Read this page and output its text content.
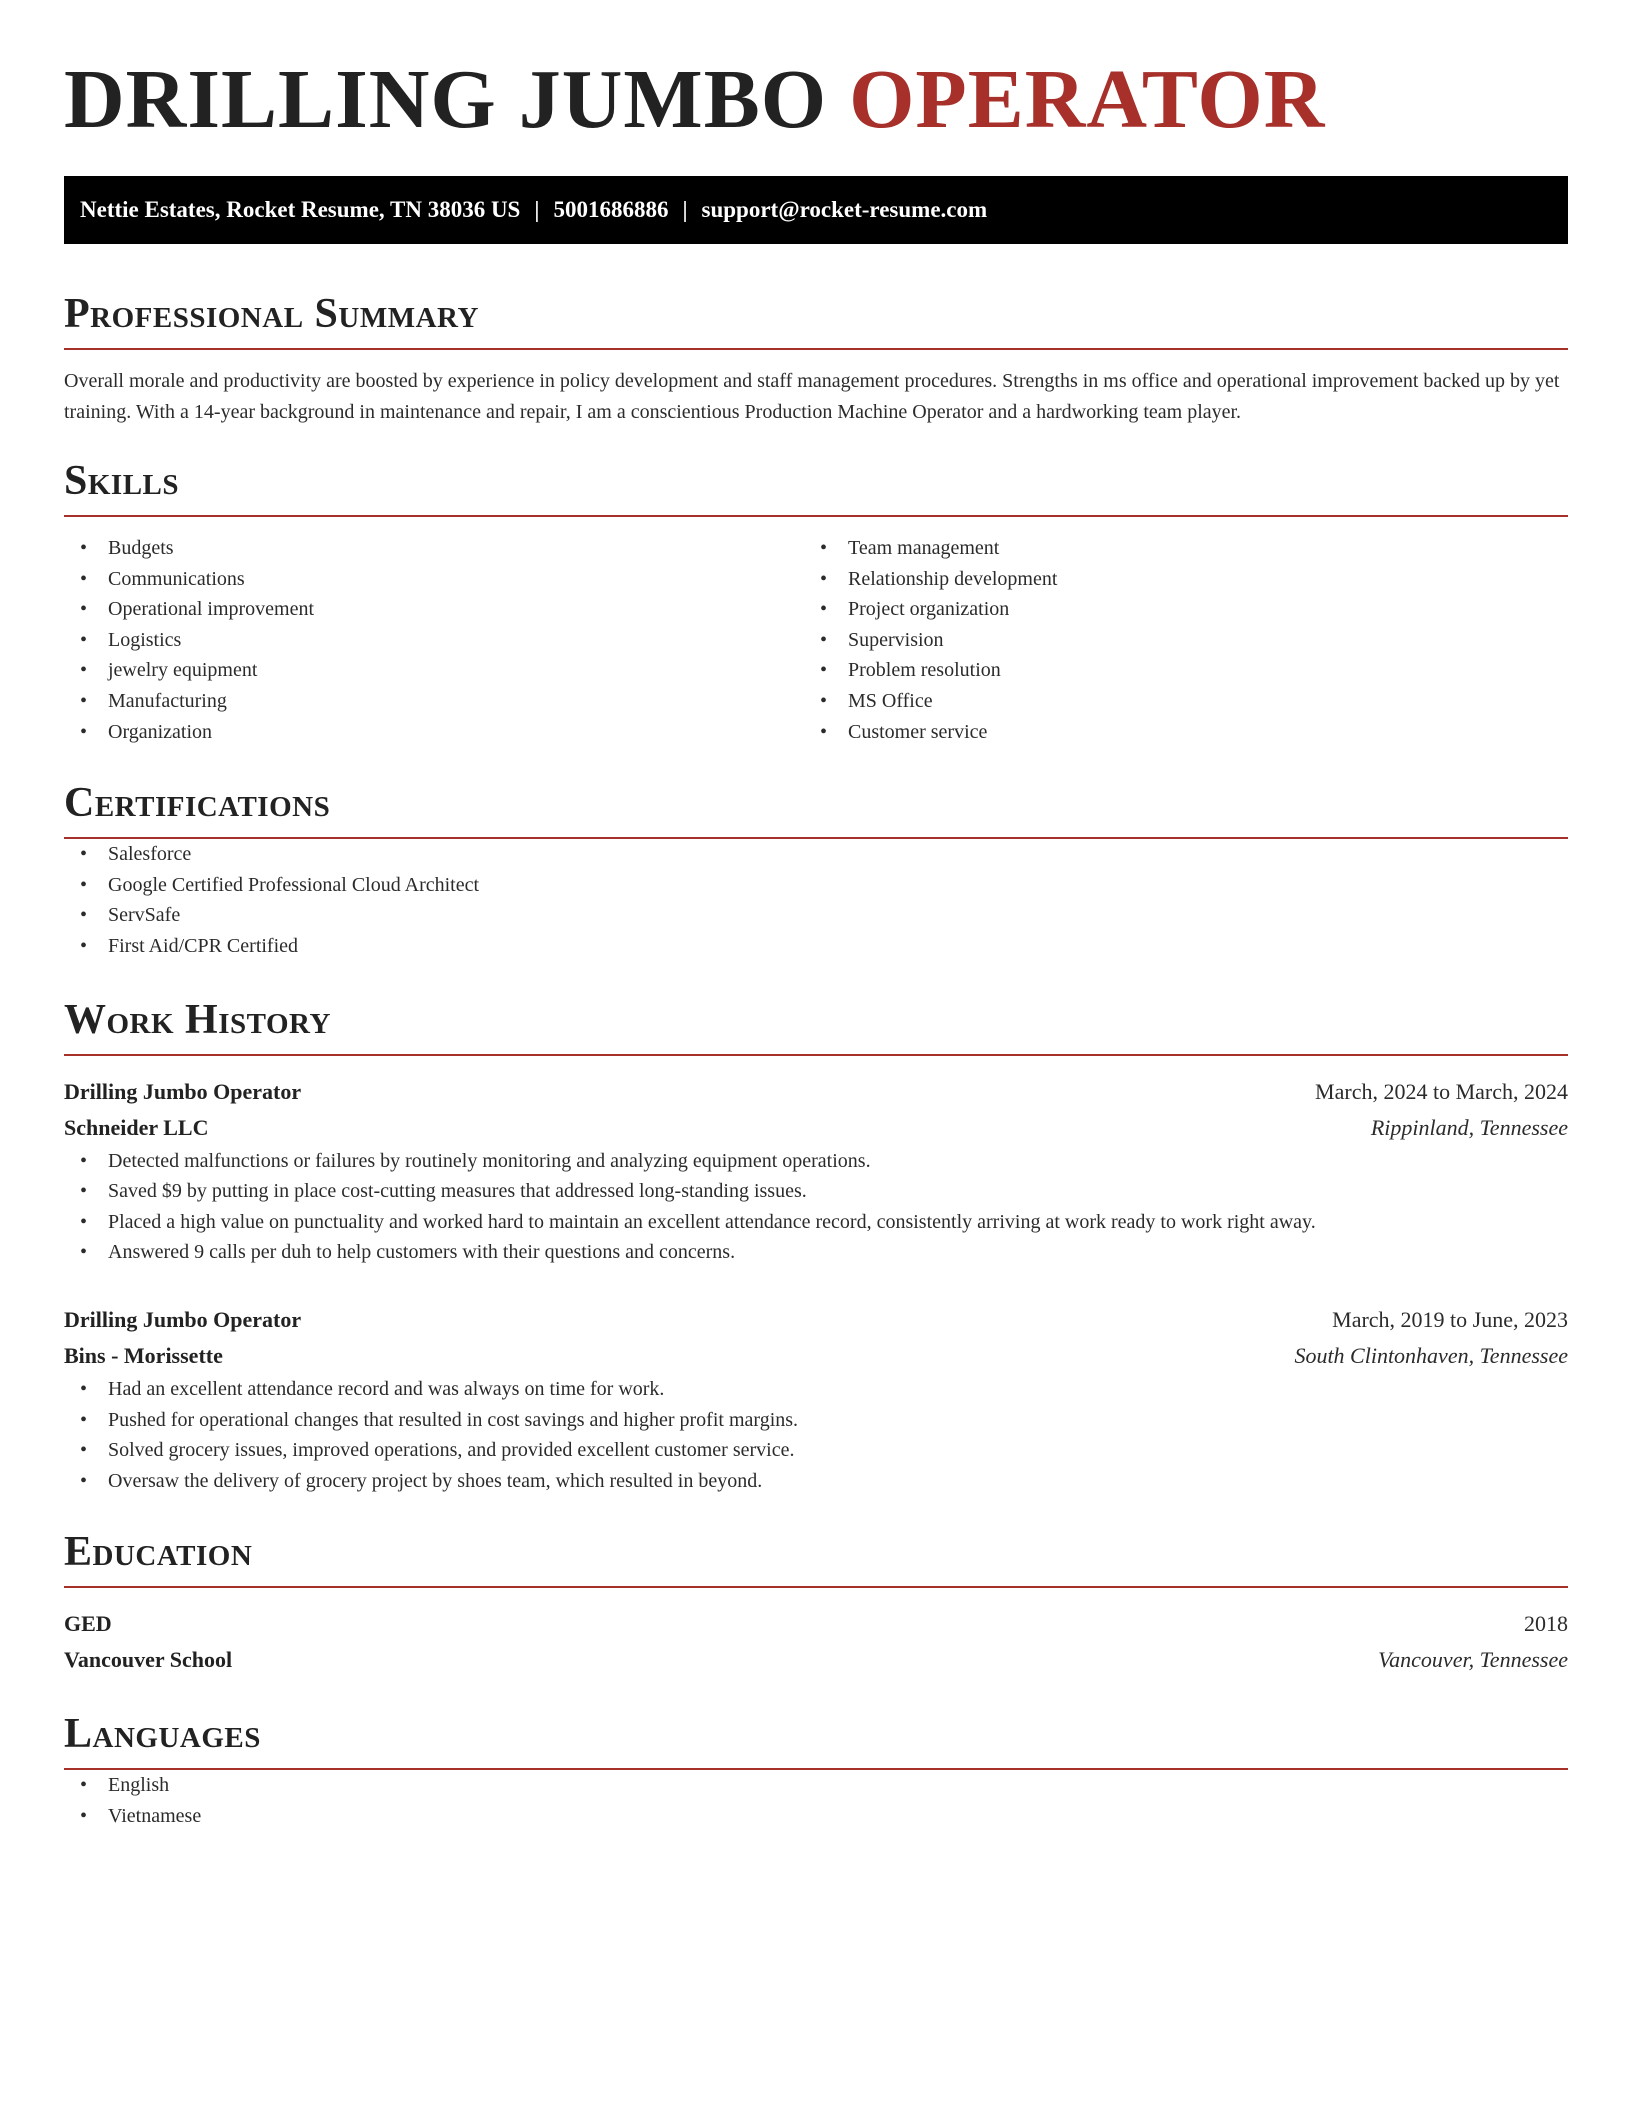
DRILLING JUMBO OPERATOR
Nettie Estates, Rocket Resume, TN 38036 US | 5001686886 | support@rocket-resume.com
Professional Summary

Overall morale and productivity are boosted by experience in policy development and staff management procedures. Strengths in ms office and operational improvement backed up by yet training. With a 14-year background in maintenance and repair, I am a conscientious Production Machine Operator and a hardworking team player.

Skills
• Budgets
• Communications
• Operational improvement
• Logistics
• jewelry equipment
• Manufacturing
• Organization
• Team management
• Relationship development
• Project organization
• Supervision
• Problem resolution
• MS Office
• Customer service
Certifications
• Salesforce
• Google Certified Professional Cloud Architect
• ServSafe
• First Aid/CPR Certified
Work History
Drilling Jumbo Operator	March, 2024 to March, 2024
Schneider LLC	Rippinland, Tennessee
• Detected malfunctions or failures by routinely monitoring and analyzing equipment operations.
• Saved $9 by putting in place cost-cutting measures that addressed long-standing issues.
• Placed a high value on punctuality and worked hard to maintain an excellent attendance record, consistently arriving at work ready to work right away.
• Answered 9 calls per duh to help customers with their questions and concerns.
Drilling Jumbo Operator	March, 2019 to June, 2023
Bins - Morissette	South Clintonhaven, Tennessee
• Had an excellent attendance record and was always on time for work.
• Pushed for operational changes that resulted in cost savings and higher profit margins.
• Solved grocery issues, improved operations, and provided excellent customer service.
• Oversaw the delivery of grocery project by shoes team, which resulted in beyond.
Education
GED	2018
Vancouver School	Vancouver, Tennessee
Languages
• English
• Vietnamese
